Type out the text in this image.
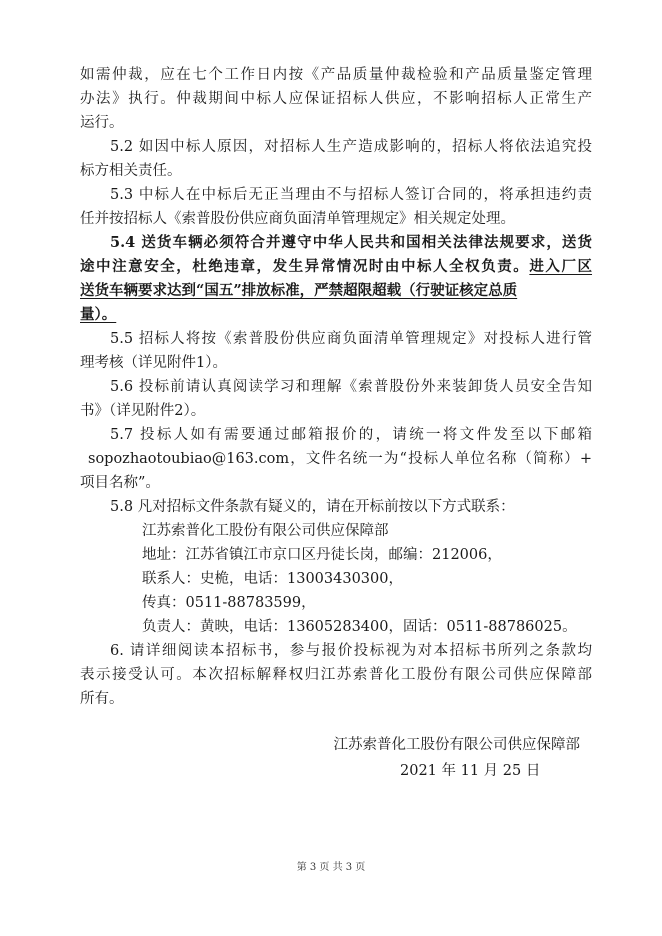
如需仲裁，应在七个工作日内按《产品质量仲裁检验和产品质量鉴定管理
办法》执行。仲裁期间中标人应保证招标人供应，不影响招标人正常生产
运行。
5.2 如因中标人原因，对招标人生产造成影响的，招标人将依法追究投
标方相关责任。
5.3 中标人在中标后无正当理由不与招标人签订合同的，将承担违约责
任并按招标人《索普股份供应商负面清单管理规定》相关规定处理。
5.4 送货车辆必须符合并遵守中华人民共和国相关法律法规要求，送货
途中注意安全，杜绝违章，发生异常情况时由中标人全权负责。进入厂区
送货车辆要求达到“国五”排放标准，严禁超限超载（行驶证核定总质
量）。
5.5 招标人将按《索普股份供应商负面清单管理规定》对投标人进行管
理考核（详见附件1）。
5.6 投标前请认真阅读学习和理解《索普股份外来装卸货人员安全告知
书》（详见附件2）。
5.7 投标人如有需要通过邮箱报价的，请统一将文件发至以下邮箱
sopozhaotoubiao@163.com，文件名统一为“投标人单位名称（简称）+
项目名称”。
5.8 凡对招标文件条款有疑义的，请在开标前按以下方式联系：
江苏索普化工股份有限公司供应保障部
地址：江苏省镇江市京口区丹徒长岗，邮编：212006，
联系人：史桅，电话：13003430300，
传真：0511-88783599，
负责人：黄映，电话：13605283400，固话：0511-88786025。
6. 请详细阅读本招标书，参与报价投标视为对本招标书所列之条款均
表示接受认可。本次招标解释权归江苏索普化工股份有限公司供应保障部
所有。
江苏索普化工股份有限公司供应保障部
2021 年 11 月 25 日
第 3 页 共 3 页
